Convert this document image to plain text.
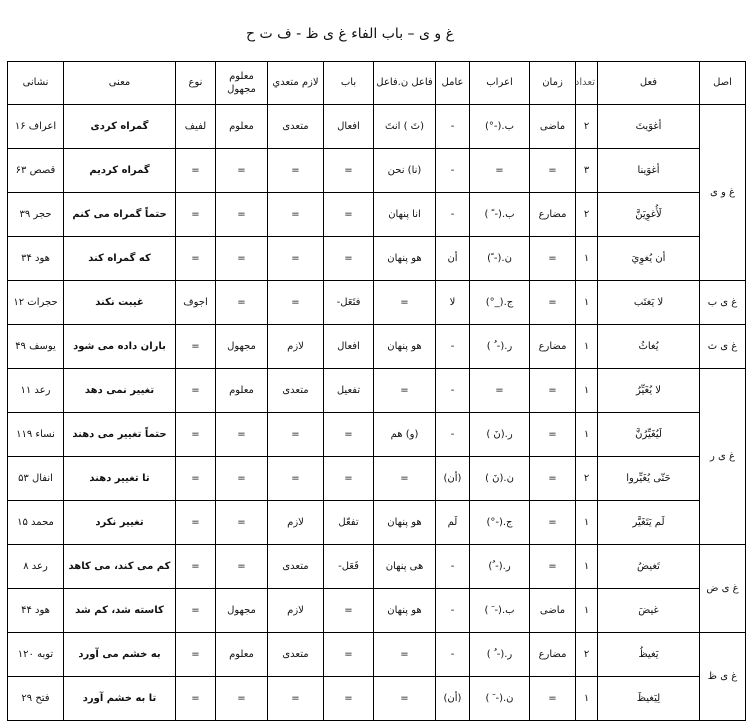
غ و ی – باب الفاء غ ی ظ - ف ت ح
اصل	فعل	تعداد	زمان	اعراب	عامل	فاعل ن.فاعل	باب	لازم متعدي	معلوم مجهول	نوع	معنی	نشانی
غ و ی	أغوَيتَ	۲	ماضی	ب.(-°)	-	(تَ ) انتَ	افعال	متعدی	معلوم	لفیف	گمراه کردی	اعراف ۱۶
	أغوَينا	۳	=	=	-	(نا) نحن	=	=	=	=	گمراه کردیم	قصص ۶۳
	لَأُغوِيَنَّ	۲	مضارع	ب.(- ً )	-	انا پنهان	=	=	=	=	حتماً گمراه می کنم	حجر ۳۹
	أن يُغوِيَ	۱	=	ن.(- ً)	أن	هو پنهان	=	=	=	=	که گمراه کند	هود ۳۴
غ ی ب	لا يَغتَب	۱	=	ج.(_°)	لا	=	فتَعَل-	=	=	اجوف	غیبت نکند	حجرات ۱۲
غ ی ث	يُغاثُ	۱	مضارع	ر.(- ُ )	-	هو پنهان	افعال	لازم	مجهول	=	باران داده می شود	یوسف ۴۹
غ ی ر	لا يُغَيِّرُ	۱	=	=	-	=	تفعیل	متعدی	معلوم	=	تغییر نمی دهد	رعد ۱۱
	لَيُغَيِّرُنَّ	۱	=	ر.(نَ )	-	(و) هم	=	=	=	=	حتماً تغییر می دهند	نساء ۱۱۹
	حَتّی يُغَيِّروا	۲	=	ن.(نَ )	(أن)	=	=	=	=	=	تا تغییر دهند	انفال ۵۳
	لَم يَتَغَيَّر	۱	=	ج.(-°)	لَم	هو پنهان	تفعّل	لازم	=	=	تغییر نکرد	محمد ۱۵
غ ی ض	تَغيضُ	۱	=	ر.(- ُ)	-	هی پنهان	فَعَل-	متعدی	=	=	کم می کند، می کاهد	رعد ۸
	غيضَ	۱	ماضی	ب.(- َ )	-	هو پنهان	=	لازم	مجهول	=	کاسته شد، کم شد	هود ۴۴
غ ی ظ	يَغيظُ	۲	مضارع	ر.(- ُ )	-	=	=	متعدی	معلوم	=	به خشم می آورد	توبه ۱۲۰
	لِيَغيظَ	۱	=	ن.(- َ )	(أن)	=	=	=	=	=	تا به خشم آورد	فتح ۲۹
